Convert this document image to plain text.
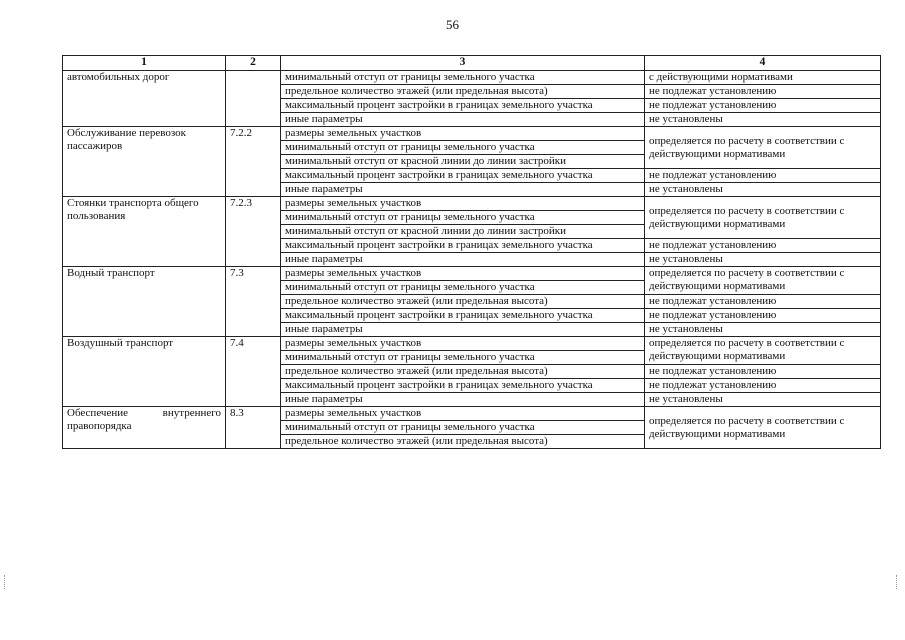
56
1	2	3	4
автомобильных дорог		минимальный отступ от границы земельного участка	с действующими нормативами
		предельное количество этажей (или предельная высота)	не подлежат установлению
		максимальный процент застройки в границах земельного участка	не подлежат установлению
		иные параметры	не установлены
Обслуживание перевозок пассажиров	7.2.2	размеры земельных участков	определяется по расчету в соответствии с действующими нормативами
		минимальный отступ от границы земельного участка	
		минимальный отступ от красной линии до линии застройки	
		максимальный процент застройки в границах земельного участка	не подлежат установлению
		иные параметры	не установлены
Стоянки транспорта общего пользования	7.2.3	размеры земельных участков	определяется по расчету в соответствии с действующими нормативами
		минимальный отступ от границы земельного участка	
		минимальный отступ от красной линии до линии застройки	
		максимальный процент застройки в границах земельного участка	не подлежат установлению
		иные параметры	не установлены
Водный транспорт	7.3	размеры земельных участков	определяется по расчету в соответствии с действующими нормативами
		минимальный отступ от границы земельного участка	
		предельное количество этажей (или предельная высота)	не подлежат установлению
		максимальный процент застройки в границах земельного участка	не подлежат установлению
		иные параметры	не установлены
Воздушный транспорт	7.4	размеры земельных участков	определяется по расчету в соответствии с действующими нормативами
		минимальный отступ от границы земельного участка	
		предельное количество этажей (или предельная высота)	не подлежат установлению
		максимальный процент застройки в границах земельного участка	не подлежат установлению
		иные параметры	не установлены
Обеспечение внутреннего правопорядка	8.3	размеры земельных участков	определяется по расчету в соответствии с действующими нормативами
		минимальный отступ от границы земельного участка	
		предельное количество этажей (или предельная высота)	
